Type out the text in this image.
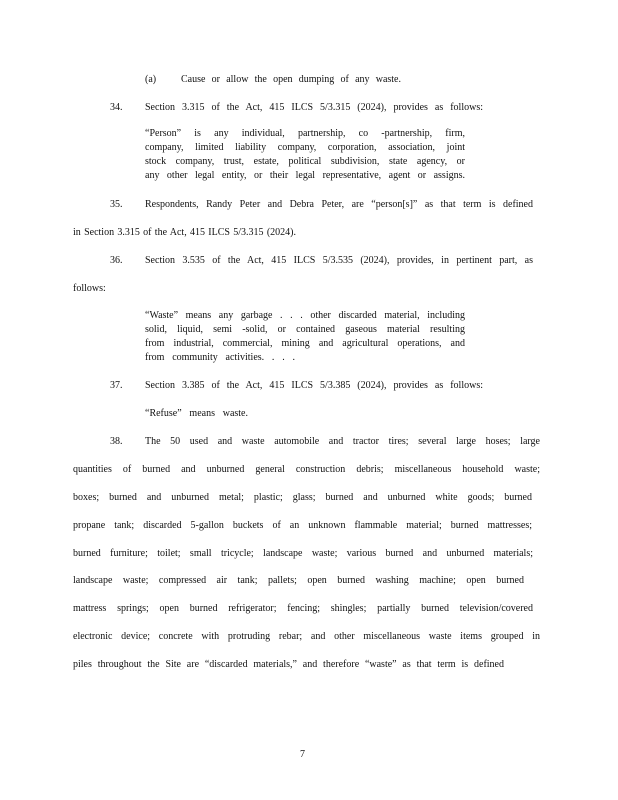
(a) Cause or allow the open dumping of any waste.
34. Section 3.315 of the Act, 415 ILCS 5/3.315 (2024), provides as follows:
“Person” is any individual, partnership, co -partnership, firm,
company, limited liability company, corporation, association, joint
stock company, trust, estate, political subdivision, state agency, or
any other legal entity, or their legal representative, agent or assigns.
35. Respondents, Randy Peter and Debra Peter, are “person[s]” as that term is defined
in Section 3.315 of the Act, 415 ILCS 5/3.315 (2024).
36. Section 3.535 of the Act, 415 ILCS 5/3.535 (2024), provides, in pertinent part, as
follows:
“Waste” means any garbage . . . other discarded material, including
solid, liquid, semi -solid, or contained gaseous material resulting
from industrial, commercial, mining and agricultural operations, and
from community activities. . . .
37. Section 3.385 of the Act, 415 ILCS 5/3.385 (2024), provides as follows:
“Refuse” means waste.
38. The 50 used and waste automobile and tractor tires; several large hoses; large
quantities of burned and unburned general construction debris; miscellaneous household waste;
boxes; burned and unburned metal; plastic; glass; burned and unburned white goods; burned
propane tank; discarded 5-gallon buckets of an unknown flammable material; burned mattresses;
burned furniture; toilet; small tricycle; landscape waste; various burned and unburned materials;
landscape waste; compressed air tank; pallets; open burned washing machine; open burned
mattress springs; open burned refrigerator; fencing; shingles; partially burned television/covered
electronic device; concrete with protruding rebar; and other miscellaneous waste items grouped in
piles throughout the Site are “discarded materials,” and therefore “waste” as that term is defined
7
